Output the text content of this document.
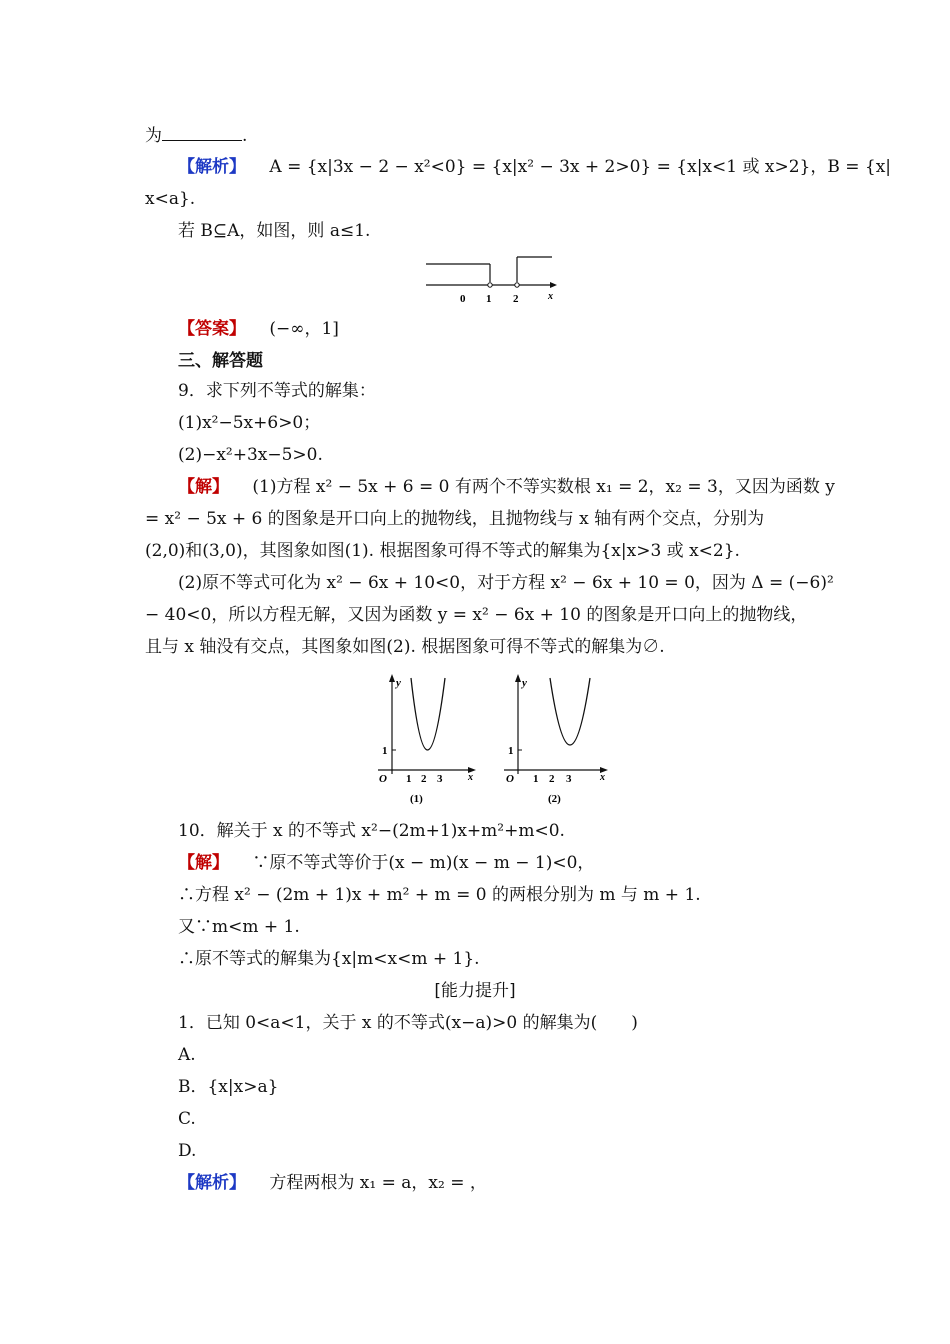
为	.
【解析】 A = {x|3x − 2 − x²<0} = {x|x² − 3x + 2>0} = {x|x<1 或 x>2}，B = {x|
x<a}.
若 B⊆A，如图，则 a≤1.
0 1 2	x
【答案】 (−∞，1]
三、解答题
9．求下列不等式的解集：
(1)x²−5x+6>0；
(2)−x²+3x−5>0.
【解】 (1)方程 x² − 5x + 6 = 0 有两个不等实数根 x₁ = 2，x₂ = 3，又因为函数 y
= x² − 5x + 6 的图象是开口向上的抛物线，且抛物线与 x 轴有两个交点，分别为
(2,0)和(3,0)，其图象如图(1). 根据图象可得不等式的解集为{x|x>3 或 x<2}.
(2)原不等式可化为 x² − 6x + 10<0，对于方程 x² − 6x + 10 = 0，因为 Δ = (−6)²
− 40<0，所以方程无解，又因为函数 y = x² − 6x + 10 的图象是开口向上的抛物线，
且与 x 轴没有交点，其图象如图(2). 根据图象可得不等式的解集为∅.
y
1
O 1 2 3	x
(1)
y
1
O 1 2 3	x
(2)
10．解关于 x 的不等式 x²−(2m+1)x+m²+m<0.
【解】 ∵原不等式等价于(x − m)(x − m − 1)<0，
∴方程 x² − (2m + 1)x + m² + m = 0 的两根分别为 m 与 m + 1.
又∵m<m + 1.
∴原不等式的解集为{x|m<x<m + 1}.
[能力提升]
1．已知 0<a<1，关于 x 的不等式(x−a)>0 的解集为(　　)
A.
B．{x|x>a}
C.
D.
【解析】 方程两根为 x₁ = a，x₂ = ，
